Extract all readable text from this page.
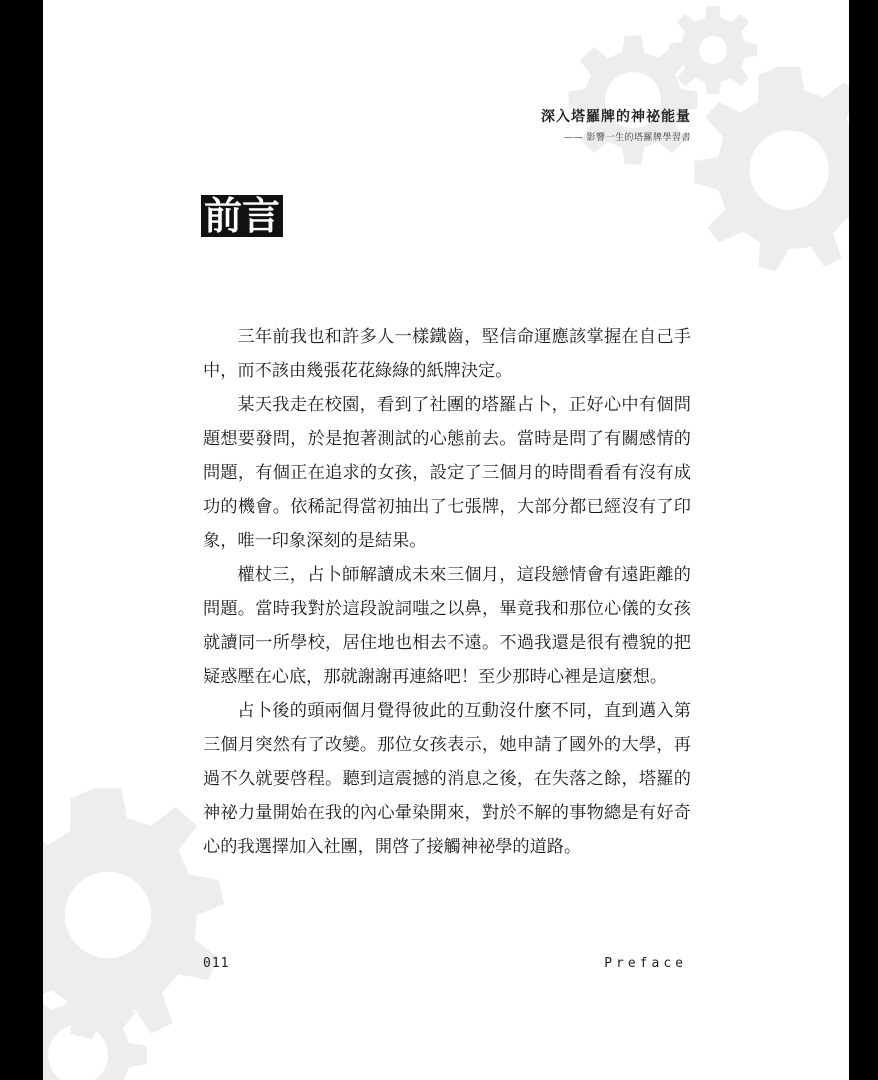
深入塔羅牌的神祕能量
—— 影響一生的塔羅牌學習書
前言

三年前我也和許多人一樣鐵齒，堅信命運應該掌握在自己手中，而不該由幾張花花綠綠的紙牌決定。

某天我走在校園，看到了社團的塔羅占卜，正好心中有個問題想要發問，於是抱著測試的心態前去。當時是問了有關感情的問題，有個正在追求的女孩，設定了三個月的時間看看有沒有成功的機會。依稀記得當初抽出了七張牌，大部分都已經沒有了印象，唯一印象深刻的是結果。

權杖三，占卜師解讀成未來三個月，這段戀情會有遠距離的問題。當時我對於這段說詞嗤之以鼻，畢竟我和那位心儀的女孩就讀同一所學校，居住地也相去不遠。不過我還是很有禮貌的把疑惑壓在心底，那就謝謝再連絡吧！至少那時心裡是這麼想。

占卜後的頭兩個月覺得彼此的互動沒什麼不同，直到邁入第三個月突然有了改變。那位女孩表示，她申請了國外的大學，再過不久就要啓程。聽到這震撼的消息之後，在失落之餘，塔羅的神祕力量開始在我的內心暈染開來，對於不解的事物總是有好奇心的我選擇加入社團，開啓了接觸神祕學的道路。

011	Preface
